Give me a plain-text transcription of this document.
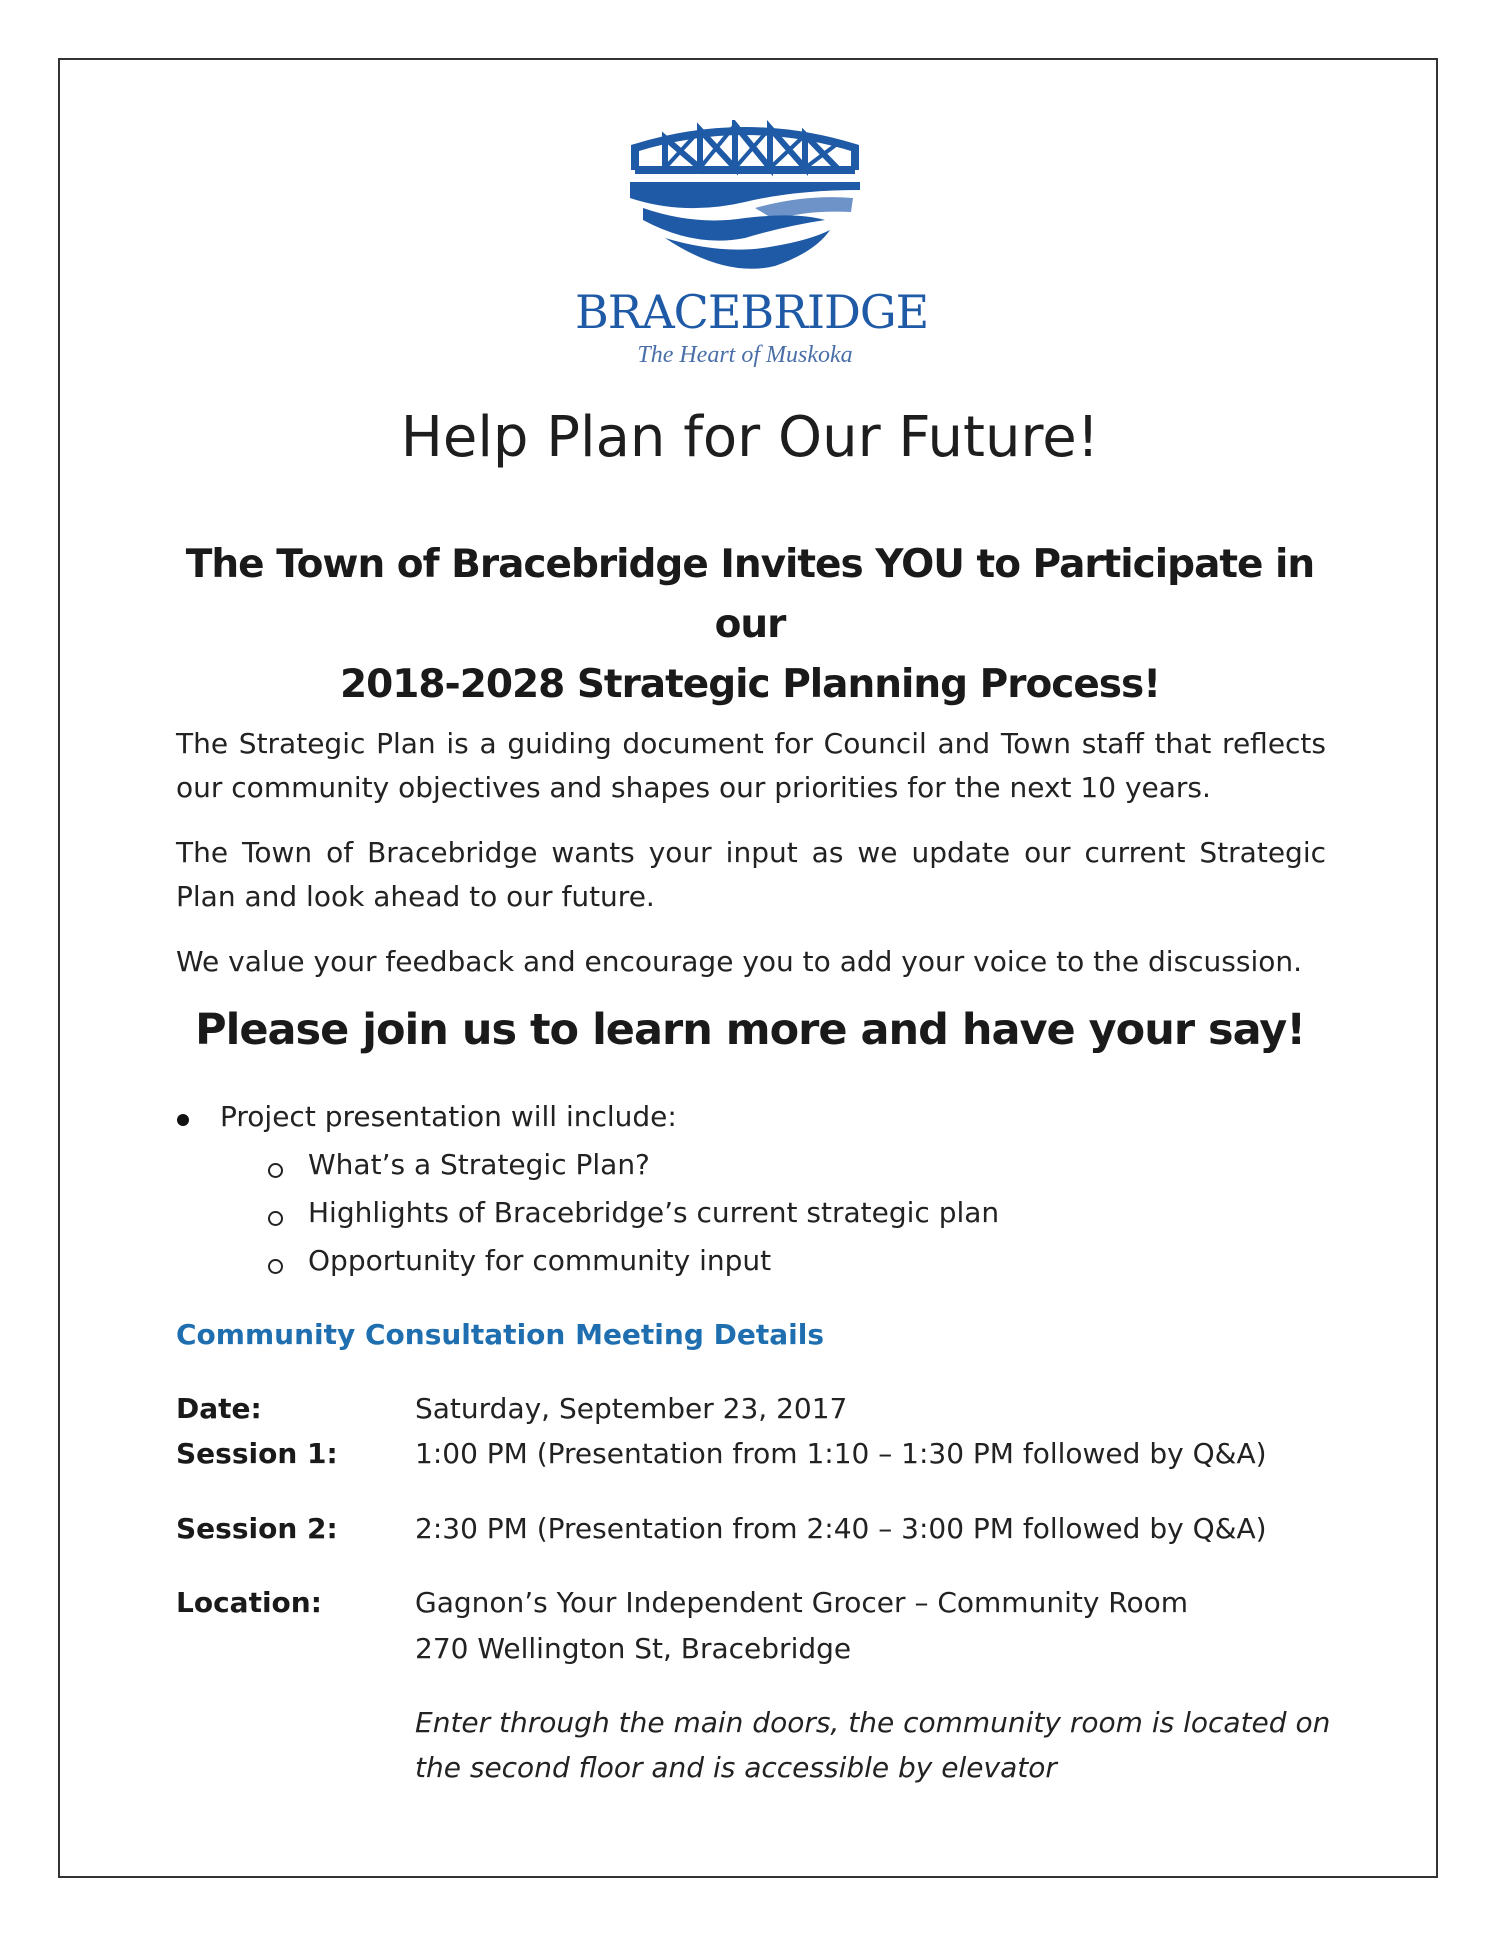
BRACEBRIDGE
The Heart of Muskoka
Help Plan for Our Future!
The Town of Bracebridge Invites YOU to Participate in our
2018-2028 Strategic Planning Process!
The Strategic Plan is a guiding document for Council and Town staff that reflects our community objectives and shapes our priorities for the next 10 years.
The Town of Bracebridge wants your input as we update our current Strategic Plan and look ahead to our future.
We value your feedback and encourage you to add your voice to the discussion.
Please join us to learn more and have your say!
Project presentation will include:
What’s a Strategic Plan?
Highlights of Bracebridge’s current strategic plan
Opportunity for community input
Community Consultation Meeting Details
Date:	Saturday, September 23, 2017
Session 1:	1:00 PM (Presentation from 1:10 – 1:30 PM followed by Q&A)
Session 2:	2:30 PM (Presentation from 2:40 – 3:00 PM followed by Q&A)
Location:	Gagnon’s Your Independent Grocer – Community Room
270 Wellington St, Bracebridge
Enter through the main doors, the community room is located on the second floor and is accessible by elevator
